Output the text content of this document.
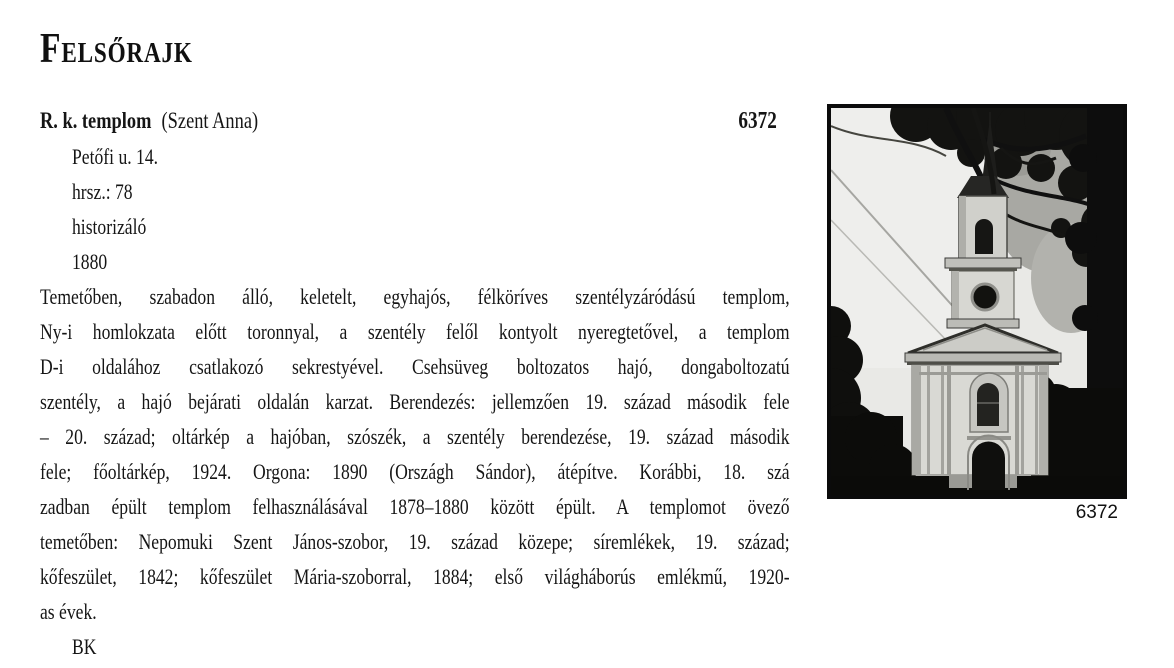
Felsőrajk
R. k. templom (Szent Anna)	6372
Petőfi u. 14.
hrsz.: 78
historizáló
1880
Temetőben, szabadon álló, keletelt, egyhajós, félköríves szentélyzáródású templom,
Ny-i homlokzata előtt toronnyal, a szentély felől kontyolt nyeregtetővel, a templom
D-i oldalához csatlakozó sekrestyével. Csehsüveg boltozatos hajó, dongaboltozatú
szentély, a hajó bejárati oldalán karzat. Berendezés: jellemzően 19. század második fele
– 20. század; oltárkép a hajóban, szószék, a szentély berendezése, 19. század második
fele; főoltárkép, 1924. Orgona: 1890 (Országh Sándor), átépítve. Korábbi, 18. szá
zadban épült templom felhasználásával 1878–1880 között épült. A templomot övező
temetőben: Nepomuki Szent János-szobor, 19. század közepe; síremlékek, 19. század;
kőfeszület, 1842; kőfeszület Mária-szoborral, 1884; első világháborús emlékmű, 1920-
as évek.
BK
6372
